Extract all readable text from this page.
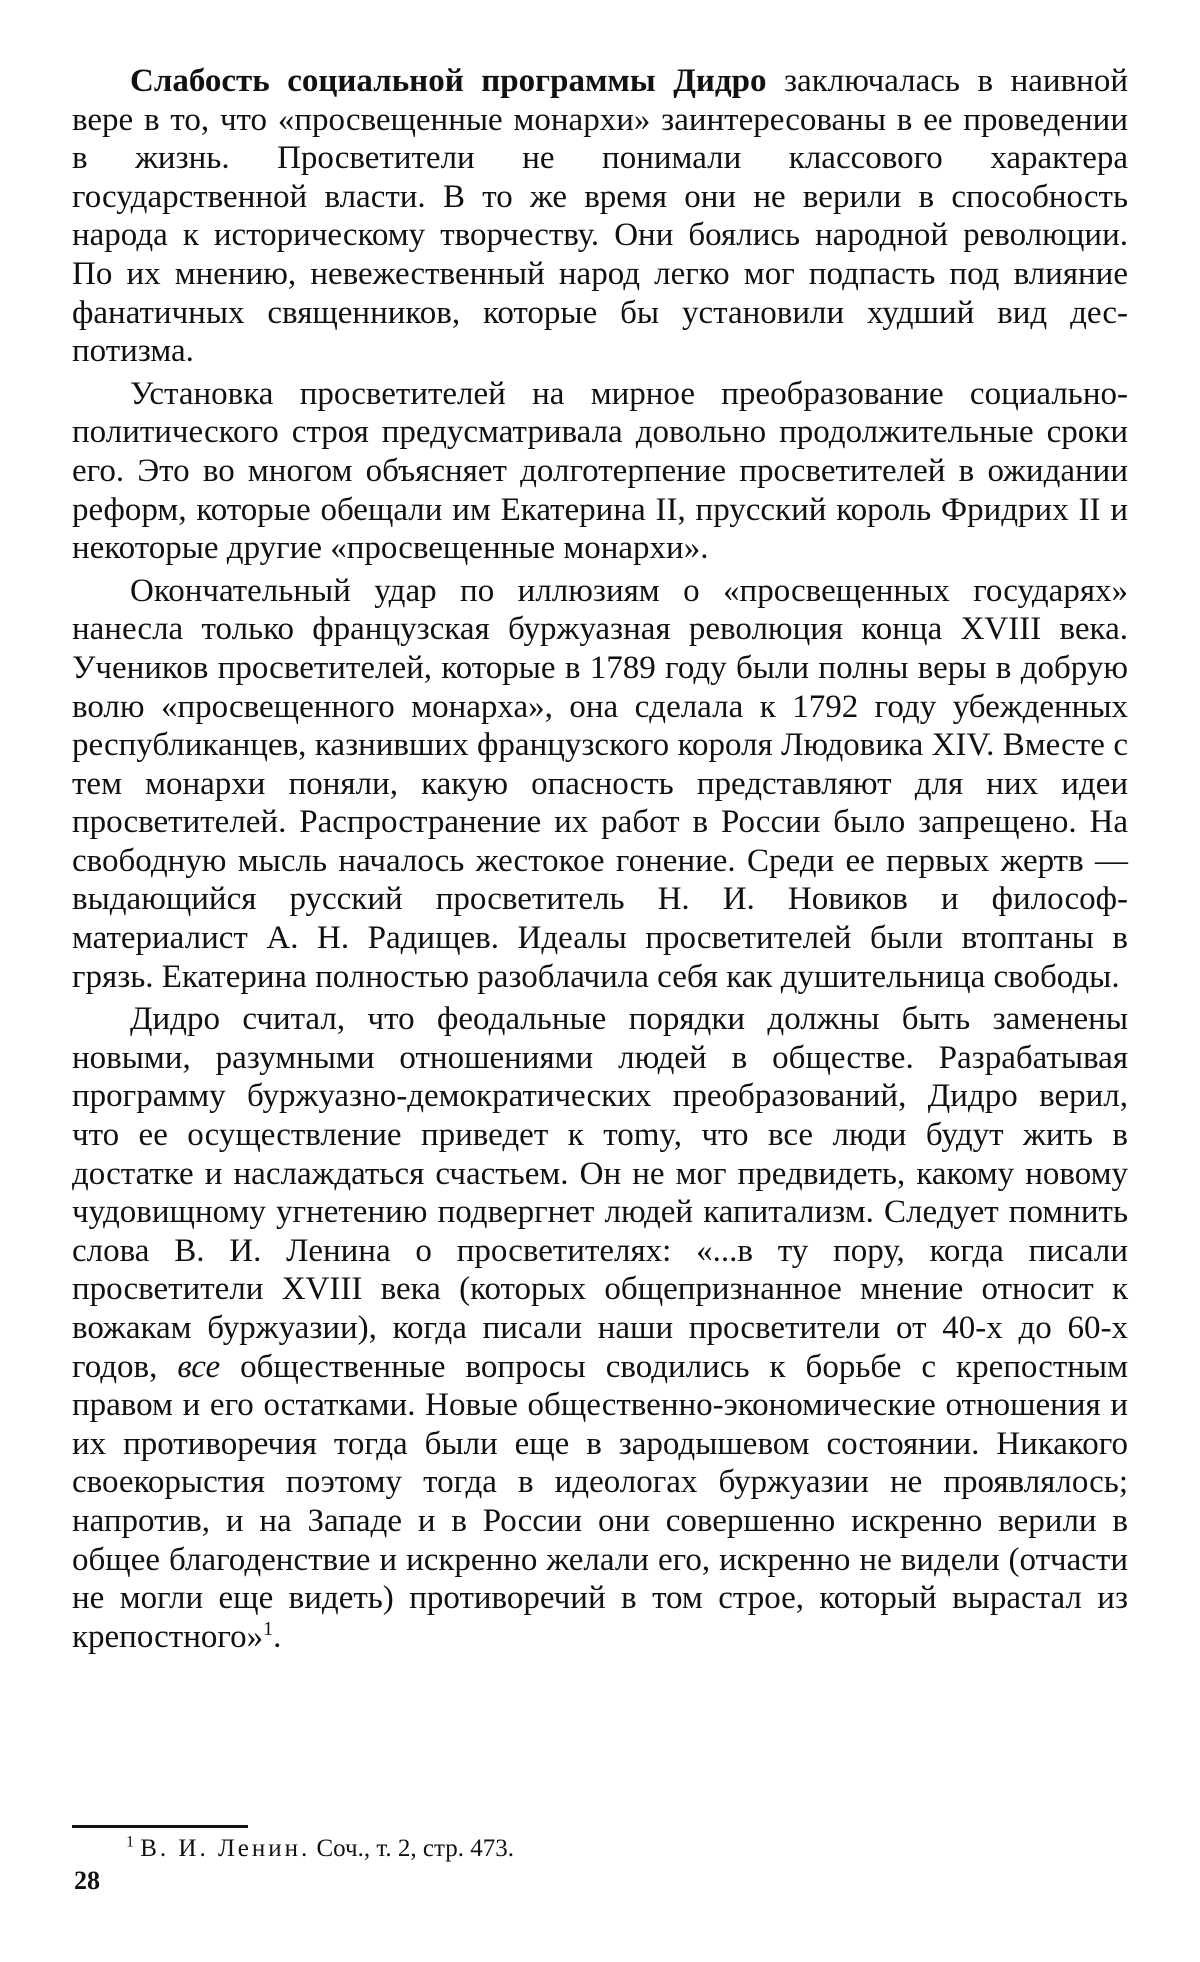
Слабость социальной программы Дидро заключалась в наивной вере в то, что «просвещенные монархи» заинтересованы в ее проведении в жизнь. Просветители не понимали классового характера государственной власти. В то же время они не верили в способность народа к историческому творчеству. Они боялись народной революции. По их мнению, невежественный народ легко мог подпасть под влияние фанатичных священников, которые бы установили худший вид деспотизма.

Установка просветителей на мирное преобразование социально-политического строя предусматривала довольно продолжительные сроки его. Это во многом объясняет долготерпение просветителей в ожидании реформ, которые обещали им Екатерина II, прусский король Фридрих II и некоторые другие «просвещенные монархи».

Окончательный удар по иллюзиям о «просвещенных государях» нанесла только французская буржуазная революция конца XVIII века. Учеников просветителей, которые в 1789 году были полны веры в добрую волю «просвещенного монарха», она сделала к 1792 году убежденных республиканцев, казнивших французского короля Людовика XIV. Вместе с тем монархи поняли, какую опасность представляют для них идеи просветителей. Распространение их работ в России было запрещено. На свободную мысль началось жестокое гонение. Среди ее первых жертв — выдающийся русский просветитель Н. И. Новиков и философ-материалист А. Н. Радищев. Идеалы просветителей были втоптаны в грязь. Екатерина полностью разоблачила себя как душительница свободы.

Дидро считал, что феодальные порядки должны быть заменены новыми, разумными отношениями людей в обществе. Разрабатывая программу буржуазно-демократических преобразований, Дидро верил, что ее осуществление приведет к тоmy, что все люди будут жить в достатке и наслаждаться счастьем. Он не мог предвидеть, какому новому чудовищному угнетению подвергнет людей капитализм. Следует помнить слова В. И. Ленина о просветителях: «...в ту пору, когда писали просветители XVIII века (которых общепризнанное мнение относит к вожакам буржуазии), когда писали наши просветители от 40-х до 60-х годов, все общественные вопросы сводились к борьбе с крепостным правом и его остатками. Новые общественно-экономические отношения и их противоречия тогда были еще в зародышевом состоянии. Никакого своекорыстия поэтому тогда в идеологах буржуазии не проявлялось; напротив, и на Западе и в России они совершенно искренно верили в общее благоденствие и искренно желали его, искренно не видели (отчасти не могли еще видеть) противоречий в том строе, который вырастал из крепостного»$^1$.

$^1$ В. И. Ленин. Соч., т. 2, стр. 473.
28
